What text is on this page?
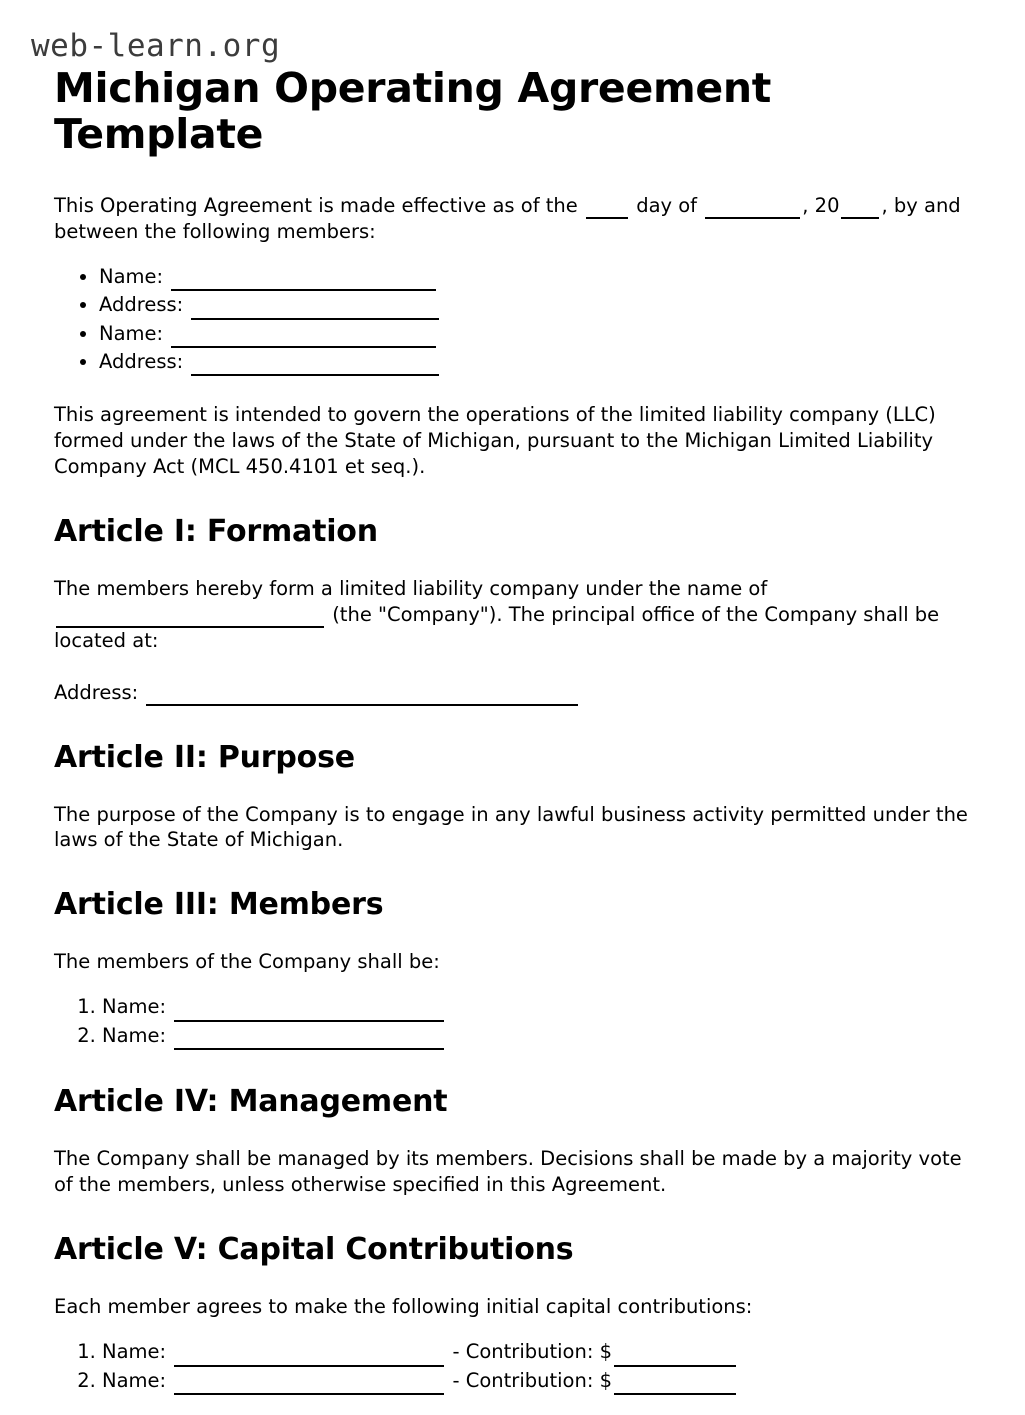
web-learn.org
Michigan Operating Agreement Template

This Operating Agreement is made effective as of the	day of	, 20 , by and between the following members:

• Name:
• Address:
• Name:
• Address:

This agreement is intended to govern the operations of the limited liability company (LLC) formed under the laws of the State of Michigan, pursuant to the Michigan Limited Liability Company Act (MCL 450.4101 et seq.).

Article I: Formation

The members hereby form a limited liability company under the name of  (the "Company"). The principal office of the Company shall be located at:

Address:

Article II: Purpose

The purpose of the Company is to engage in any lawful business activity permitted under the laws of the State of Michigan.

Article III: Members

The members of the Company shall be:

1. Name:
2. Name:
Article IV: Management

The Company shall be managed by its members. Decisions shall be made by a majority vote of the members, unless otherwise specified in this Agreement.

Article V: Capital Contributions

Each member agrees to make the following initial capital contributions:

1. Name:	- Contribution: $
2. Name:	- Contribution: $
